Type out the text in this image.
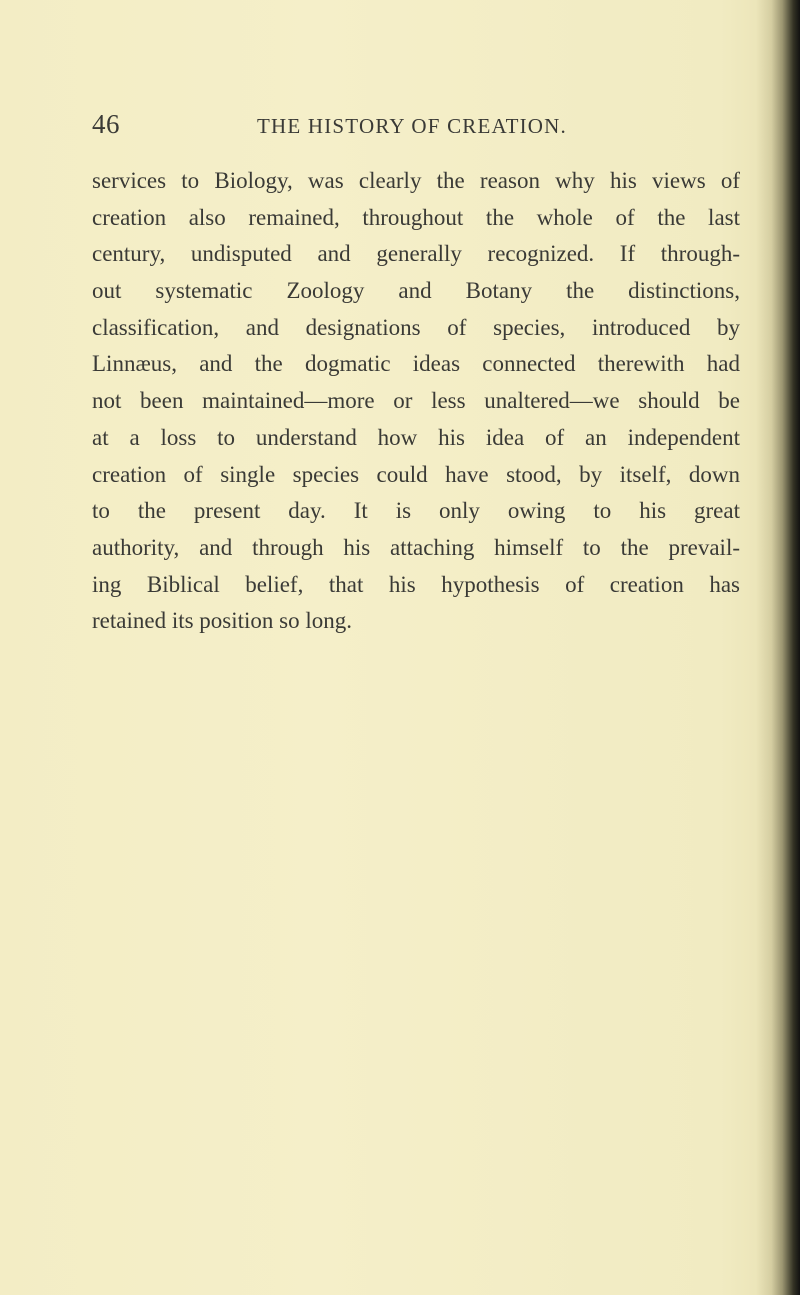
46	THE HISTORY OF CREATION.
services to Biology, was clearly the reason why his views of
creation also remained, throughout the whole of the last
century, undisputed and generally recognized. If through-
out systematic Zoology and Botany the distinctions,
classification, and designations of species, introduced by
Linnæus, and the dogmatic ideas connected therewith had
not been maintained—more or less unaltered—we should be
at a loss to understand how his idea of an independent
creation of single species could have stood, by itself, down
to the present day. It is only owing to his great
authority, and through his attaching himself to the prevail-
ing Biblical belief, that his hypothesis of creation has
retained its position so long.
